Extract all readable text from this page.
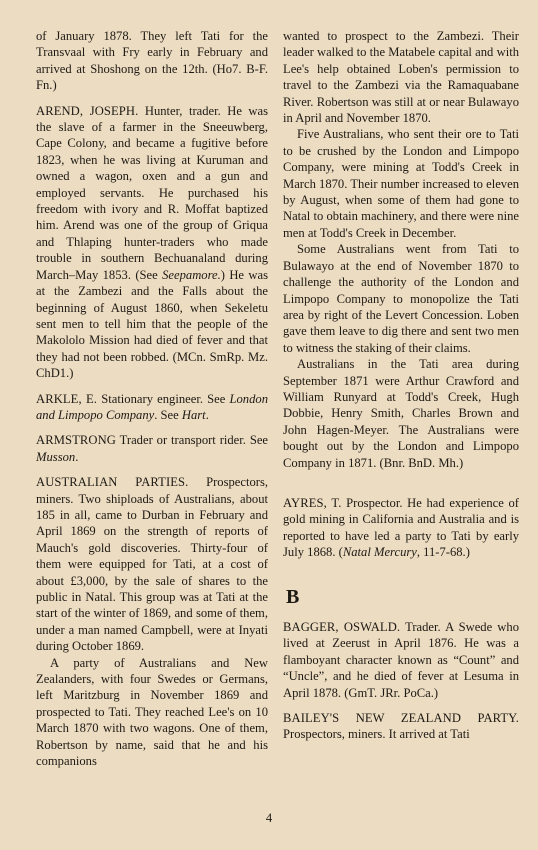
of January 1878. They left Tati for the Transvaal with Fry early in February and arrived at Shoshong on the 12th. (Ho7. B-F. Fn.)

AREND, JOSEPH. Hunter, trader. He was the slave of a farmer in the Sneeuwberg, Cape Colony, and became a fugitive before 1823, when he was living at Kuruman and owned a wagon, oxen and a gun and employed servants. He purchased his freedom with ivory and R. Moffat baptized him. Arend was one of the group of Griqua and Thlaping hunter-traders who made trouble in southern Bechuanaland during March–May 1853. (See Seepamore.) He was at the Zambezi and the Falls about the beginning of August 1860, when Sekeletu sent men to tell him that the people of the Makololo Mission had died of fever and that they had not been robbed. (MCn. SmRp. Mz. ChD1.)

ARKLE, E. Stationary engineer. See London and Limpopo Company. See Hart.

ARMSTRONG Trader or transport rider. See Musson.

AUSTRALIAN PARTIES. Prospectors, miners. Two shiploads of Australians, about 185 in all, came to Durban in February and April 1869 on the strength of reports of Mauch's gold discoveries. Thirty-four of them were equipped for Tati, at a cost of about £3,000, by the sale of shares to the public in Natal. This group was at Tati at the start of the winter of 1869, and some of them, under a man named Campbell, were at Inyati during October 1869.

A party of Australians and New Zealanders, with four Swedes or Germans, left Maritzburg in November 1869 and prospected to Tati. They reached Lee's on 10 March 1870 with two wagons. One of them, Robertson by name, said that he and his companions

wanted to prospect to the Zambezi. Their leader walked to the Matabele capital and with Lee's help obtained Loben's permission to travel to the Zambezi via the Ramaquabane River. Robertson was still at or near Bulawayo in April and November 1870.

Five Australians, who sent their ore to Tati to be crushed by the London and Limpopo Company, were mining at Todd's Creek in March 1870. Their number increased to eleven by August, when some of them had gone to Natal to obtain machinery, and there were nine men at Todd's Creek in December.

Some Australians went from Tati to Bulawayo at the end of November 1870 to challenge the authority of the London and Limpopo Company to monopolize the Tati area by right of the Levert Concession. Loben gave them leave to dig there and sent two men to witness the staking of their claims.

Australians in the Tati area during September 1871 were Arthur Crawford and William Runyard at Todd's Creek, Hugh Dobbie, Henry Smith, Charles Brown and John Hagen-Meyer. The Australians were bought out by the London and Limpopo Company in 1871. (Bnr. BnD. Mh.)

AYRES, T. Prospector. He had experience of gold mining in California and Australia and is reported to have led a party to Tati by early July 1868. (Natal Mercury, 11-7-68.)

B

BAGGER, OSWALD. Trader. A Swede who lived at Zeerust in April 1876. He was a flamboyant character known as “Count” and “Uncle”, and he died of fever at Lesuma in April 1878. (GmT. JRr. PoCa.)

BAILEY'S NEW ZEALAND PARTY. Prospectors, miners. It arrived at Tati

4
